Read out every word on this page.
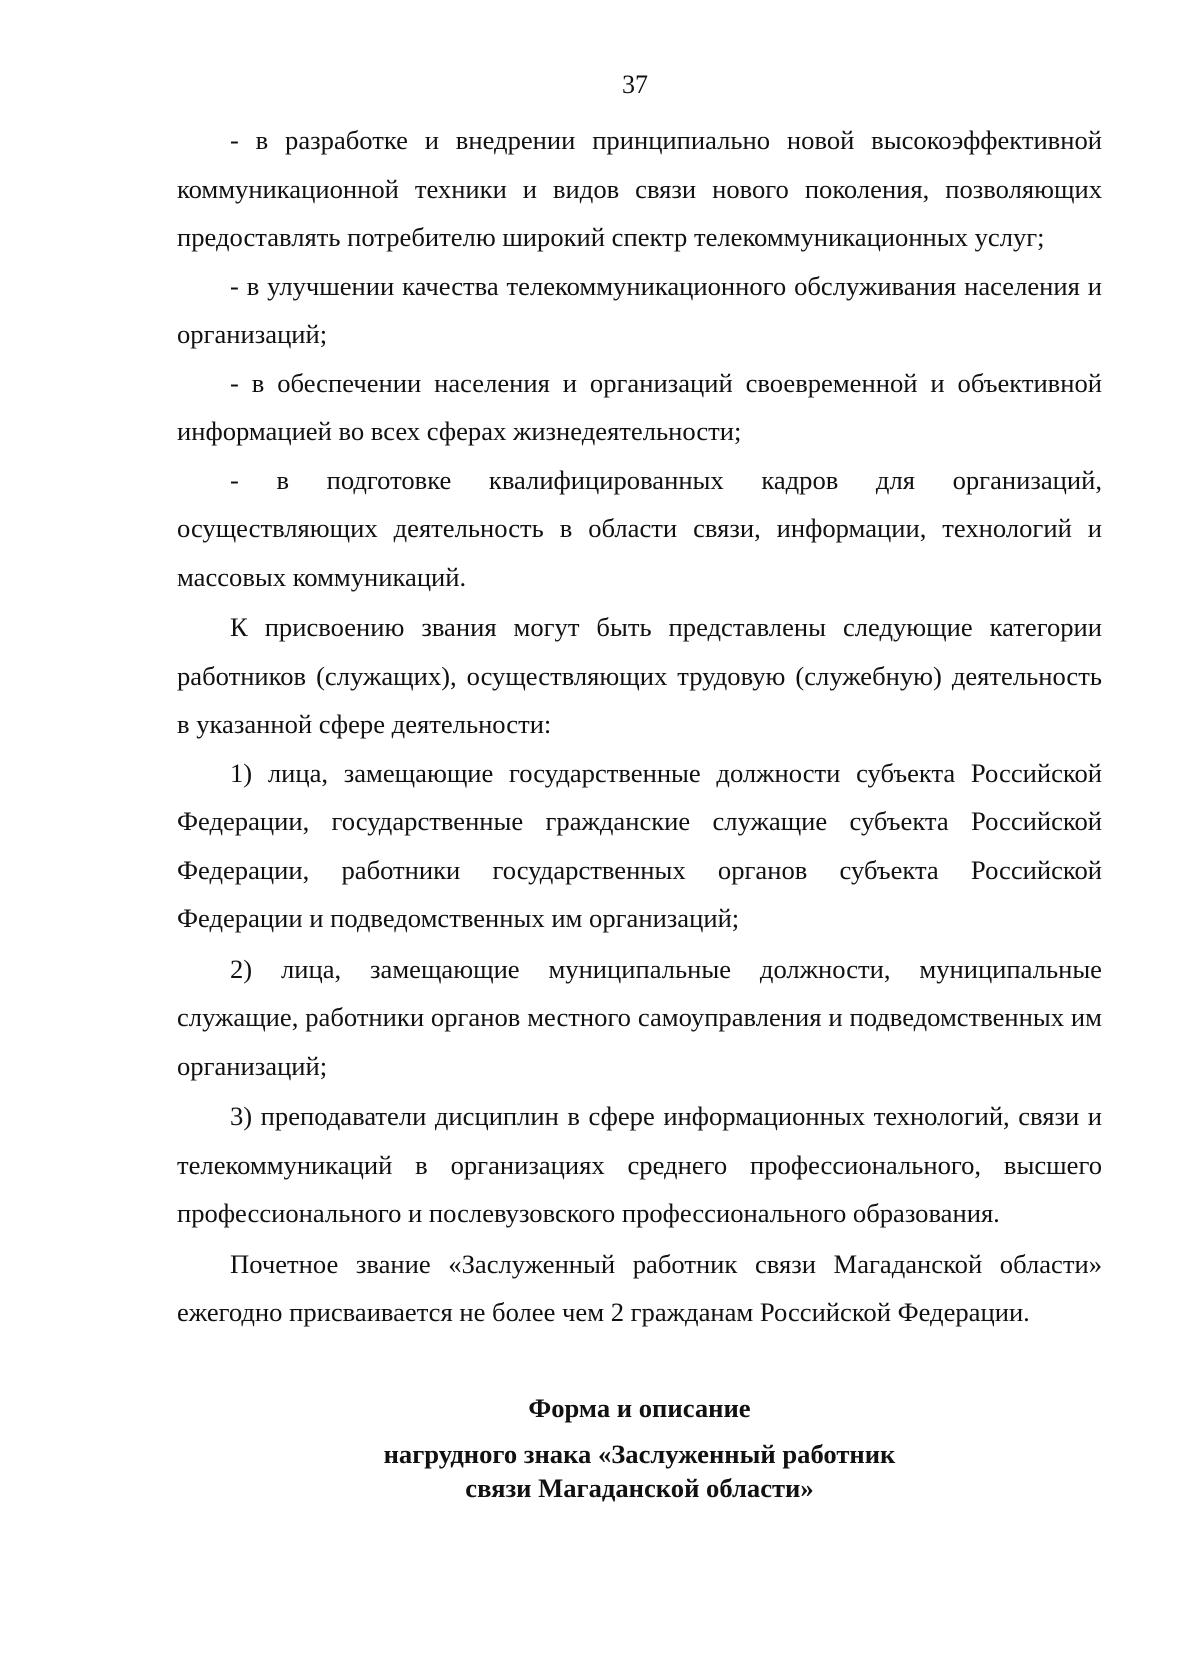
37

- в разработке и внедрении принципиально новой высокоэффективной коммуникационной техники и видов связи нового поколения, позволяющих предоставлять потребителю широкий спектр телекоммуникационных услуг;

- в улучшении качества телекоммуникационного обслуживания населения и организаций;

- в обеспечении населения и организаций своевременной и объективной информацией во всех сферах жизнедеятельности;

- в подготовке квалифицированных кадров для организаций, осуществляющих деятельность в области связи, информации, технологий и массовых коммуникаций.

К присвоению звания могут быть представлены следующие категории работников (служащих), осуществляющих трудовую (служебную) деятельность в указанной сфере деятельности:

1) лица, замещающие государственные должности субъекта Российской Федерации, государственные гражданские служащие субъекта Российской Федерации, работники государственных органов субъекта Российской Федерации и подведомственных им организаций;

2) лица, замещающие муниципальные должности, муниципальные служащие, работники органов местного самоуправления и подведомственных им организаций;

3) преподаватели дисциплин в сфере информационных технологий, связи и телекоммуникаций в организациях среднего профессионального, высшего профессионального и послевузовского профессионального образования.

Почетное звание «Заслуженный работник связи Магаданской области» ежегодно присваивается не более чем 2 гражданам Российской Федерации.

Форма и описание
нагрудного знака «Заслуженный работник
связи Магаданской области»
